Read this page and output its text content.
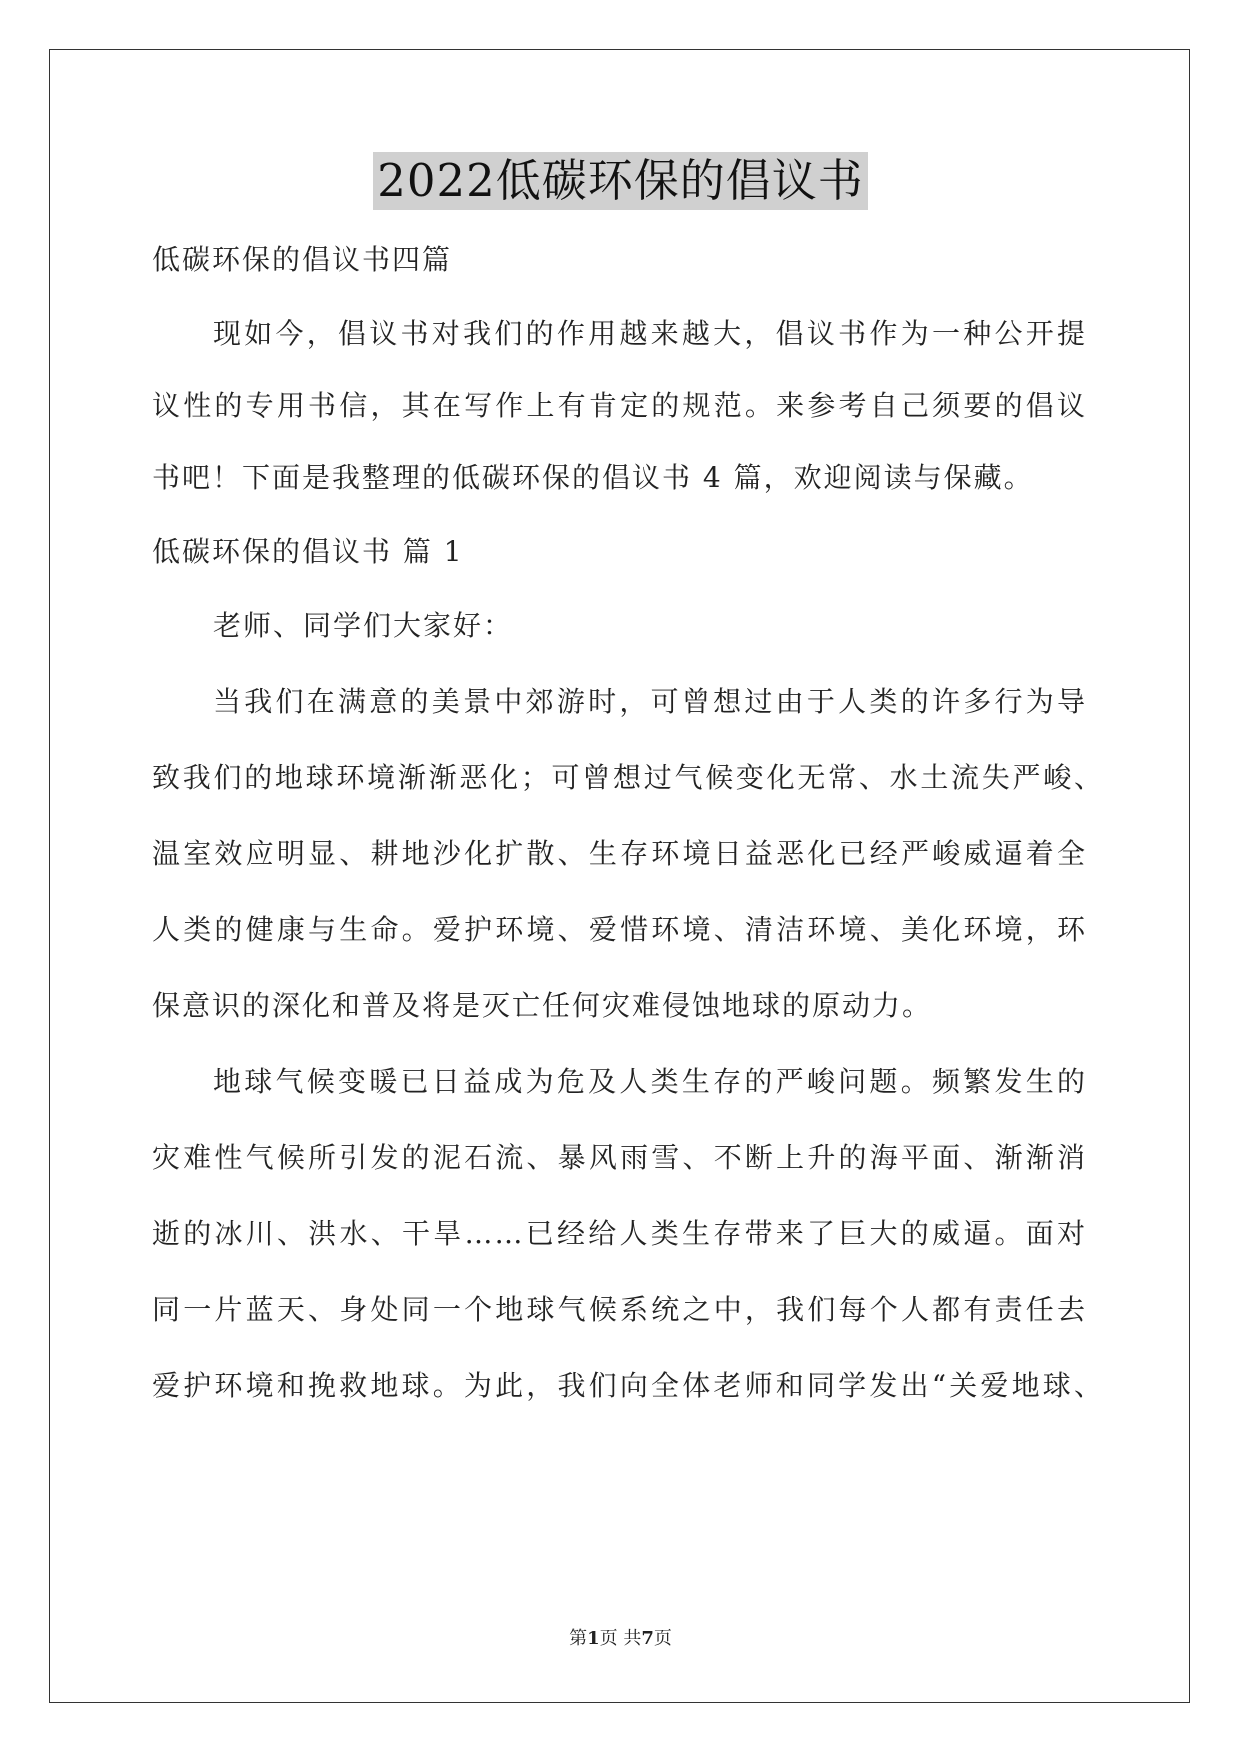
2022低碳环保的倡议书
低碳环保的倡议书四篇
现如今，倡议书对我们的作用越来越大，倡议书作为一种公开提
议性的专用书信，其在写作上有肯定的规范。来参考自己须要的倡议
书吧！下面是我整理的低碳环保的倡议书 4 篇，欢迎阅读与保藏。
低碳环保的倡议书 篇 1
老师、同学们大家好：
当我们在满意的美景中郊游时，可曾想过由于人类的许多行为导
致我们的地球环境渐渐恶化；可曾想过气候变化无常、水土流失严峻、
温室效应明显、耕地沙化扩散、生存环境日益恶化已经严峻威逼着全
人类的健康与生命。爱护环境、爱惜环境、清洁环境、美化环境，环
保意识的深化和普及将是灭亡任何灾难侵蚀地球的原动力。
地球气候变暖已日益成为危及人类生存的严峻问题。频繁发生的
灾难性气候所引发的泥石流、暴风雨雪、不断上升的海平面、渐渐消
逝的冰川、洪水、干旱……已经给人类生存带来了巨大的威逼。面对
同一片蓝天、身处同一个地球气候系统之中，我们每个人都有责任去
爱护环境和挽救地球。为此，我们向全体老师和同学发出“关爱地球、
第1页 共7页
